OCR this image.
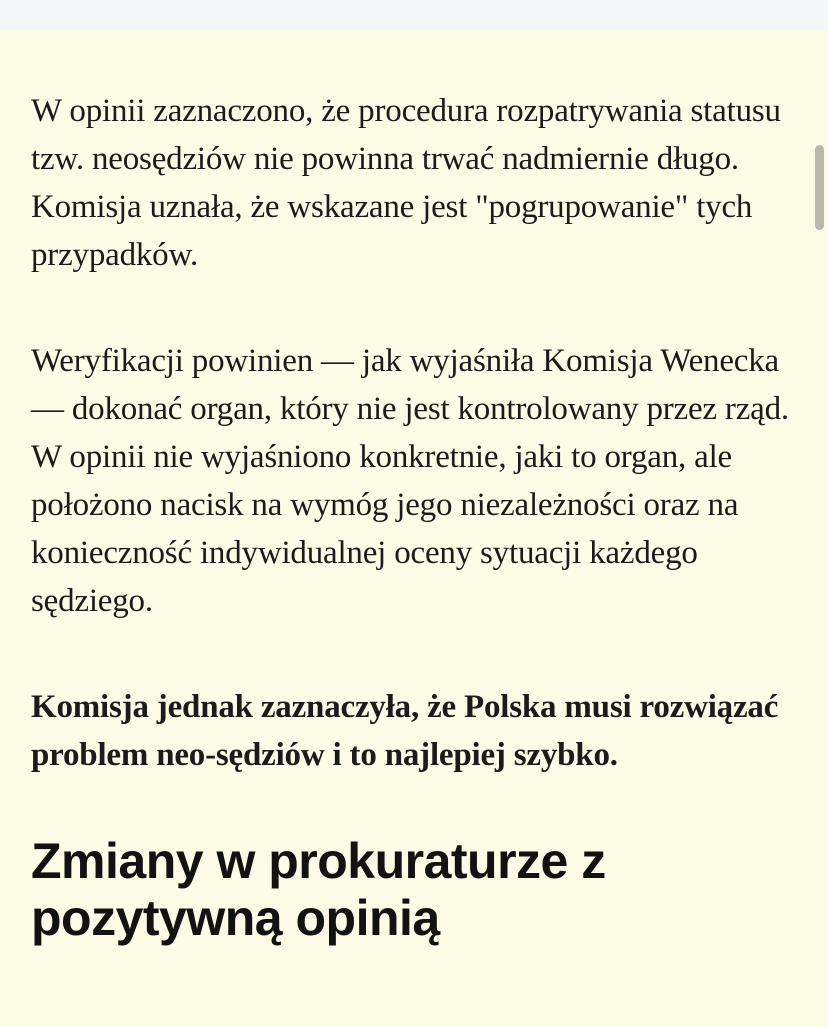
W opinii zaznaczono, że procedura rozpatrywania statusu tzw. neosędziów nie powinna trwać nadmiernie długo. Komisja uznała, że wskazane jest "pogrupowanie" tych przypadków.

Weryfikacji powinien — jak wyjaśniła Komisja Wenecka — dokonać organ, który nie jest kontrolowany przez rząd. W opinii nie wyjaśniono konkretnie, jaki to organ, ale położono nacisk na wymóg jego niezależności oraz na konieczność indywidualnej oceny sytuacji każdego sędziego.

Komisja jednak zaznaczyła, że Polska musi rozwiązać problem neo-sędziów i to najlepiej szybko.

Zmiany w prokuraturze z pozytywną opinią
